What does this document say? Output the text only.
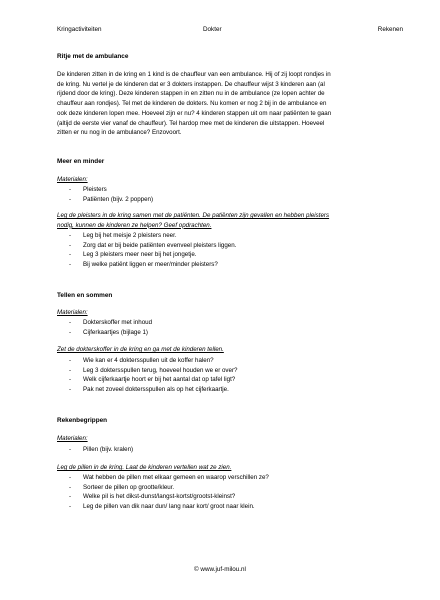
Kringactiviteiten	Dokter	Rekenen
Ritje met de ambulance

De kinderen zitten in de kring en 1 kind is de chauffeur van een ambulance. Hij of zij loopt rondjes in

de kring. Nu vertel je de kinderen dat er 3 dokters instappen. De chauffeur wijst 3 kinderen aan (al

rijdend door de kring). Deze kinderen stappen in en zitten nu in de ambulance (ze lopen achter de

chauffeur aan rondjes). Tel met de kinderen de dokters. Nu komen er nog 2 bij in de ambulance en

ook deze kinderen lopen mee. Hoeveel zijn er nu? 4 kinderen stappen uit om naar patiënten te gaan

(altijd de eerste vier vanaf de chauffeur). Tel hardop mee met de kinderen die uitstappen. Hoeveel

zitten er nu nog in de ambulance? Enzovoort.

Meer en minder
Materialen:
- Pleisters
- Patiënten (bijv. 2 poppen)

Leg de pleisters in de kring samen met de patiënten. De patiënten zijn gevallen en hebben pleisters

nodig, kunnen de kinderen ze helpen? Geef opdrachten.

- Leg bij het meisje 2 pleisters neer.
- Zorg dat er bij beide patiënten evenveel pleisters liggen.
- Leg 3 pleisters meer neer bij het jongetje.
- Bij welke patiënt liggen er meer/minder pleisters?
Tellen en sommen
Materialen:
- Dokterskoffer met inhoud
- Cijferkaartjes (bijlage 1)

Zet de dokterskoffer in de kring en ga met de kinderen tellen.

- Wie kan er 4 doktersspullen uit de koffer halen?
- Leg 3 doktersspullen terug, hoeveel houden we er over?
- Welk cijferkaartje hoort er bij het aantal dat op tafel ligt?
- Pak net zoveel doktersspullen als op het cijferkaartje.
Rekenbegrippen
Materialen:
- Pillen (bijv. kralen)

Leg de pillen in de kring. Laat de kinderen vertellen wat ze zien.

- Wat hebben de pillen met elkaar gemeen en waarop verschillen ze?
- Sorteer de pillen op grootte/kleur.
- Welke pil is het dikst-dunst/langst-kortst/grootst-kleinst?
- Leg de pillen van dik naar dun/ lang naar kort/ groot naar klein.
© www.juf-milou.nl
